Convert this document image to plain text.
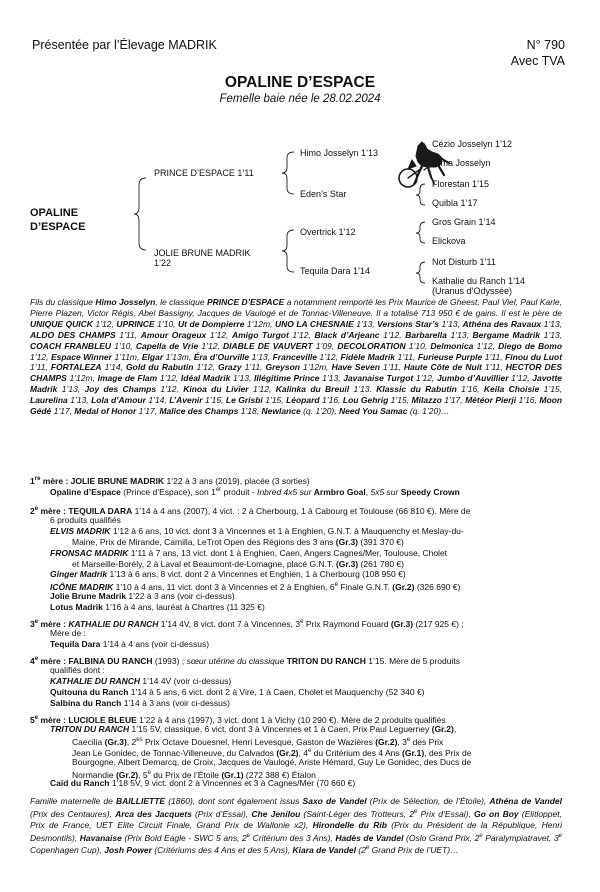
Présentée par l’Élevage MADRIK	N° 790
Avec TVA
OPALINE D’ESPACE
Femelle baie née le 28.02.2024
OPALINE
D’ESPACE
PRINCE D’ESPACE 1’11
JOLIE BRUNE MADRIK
1’22
Himo Josselyn 1’13
Eden’s Star
Overtrick 1’12
Tequila Dara 1’14
Cézio Josselyn 1’12
Cima Josselyn
Florestan 1’15
Quibla 1’17
Gros Grain 1’14
Elickova
Not Disturb 1’11
Kathalie du Ranch 1’14
(Uranus d’Odyssée)
Fils du classique Himo Josselyn, le classique PRINCE D’ESPACE a notamment remporté les Prix Maurice de Gheest, Paul Viel, Paul Karle, Pierre Plazen, Victor Régis, Abel Bassigny, Jacques de Vaulogé et de Tonnac-Villeneuve. Il a totalisé 713 950 € de gains. Il est le père de UNIQUE QUICK 1’12, UPRINCE 1’10, Ut de Dompierre 1’12m, UNO LA CHESNAIE 1’13, Versions Star’s 1’13, Athéna des Ravaux 1’13, ALDO DES CHAMPS 1’11, Amour Orageux 1’12, Amigo Turgot 1’12, Black d’Arjeanc 1’12, Barbarella 1’13, Bergame Madrik 1’13, COACH FRANBLEU 1’10, Capella de Vrie 1’12, DIABLE DE VAUVERT 1’09, DECOLORATION 1’10, Delmonica 1’12, Diego de Bomo 1’12, Espace Winner 1’11m, Elgar 1’13m, Éra d’Ourville 1’13, Franceville 1’12, Fidèle Madrik 1’11, Furieuse Purple 1’11, Finou du Luot 1’11, FORTALEZA 1’14, Gold du Rabutin 1’12, Grazy 1’11, Greyson 1’12m, Have Seven 1’11, Haute Côte de Nuit 1’11, HECTOR DES CHAMPS 1’12m, Image de Flam 1’12, Idéal Madrik 1’13, Illégitime Prince 1’13, Javanaise Turgot 1’12, Jumbo d’Auvillier 1’12, Javotte Madrik 1’13, Joy des Champs 1’12, Kinoa du Livier 1’12, Kalinka du Breuil 1’13. Klassic du Rabutin 1’16, Keila Choisie 1’15, Laurelina 1’13, Lola d’Amour 1’14, L’Avenir 1’15, Le Grisbi 1’15, Léopard 1’16, Lou Gehrig 1’15, Milazzo 1’17, Météor Pierji 1’16, Moon Gédé 1’17, Medal of Honor 1’17, Malice des Champs 1’18, Newlance (q. 1’20), Need You Samac (q. 1’20)…
1re mère : JOLIE BRUNE MADRIK 1’22 à 3 ans (2019), placée (3 sorties)
Opaline d’Espace (Prince d’Espace), son 1er produit - Inbred 4x5 sur Armbro Goal, 5x5 sur Speedy Crown
Famille maternelle de BAILLIETTE (1860), dont sont également issus Saxo de Vandel (Prix de Sélection, de l’Étoile), Athéna de Vandel (Prix des Centaures), Arca des Jacquets (Prix d’Essai), Che Jenilou (Saint-Léger des Trotteurs, 2e Prix d’Essai), Go on Boy (Elitloppet, Prix de France, UET Elite Circuit Finale, Grand Prix de Wallonie x2), Hirondelle du Rib (Prix du Président de la République, Henri Desmontils), Havanaise (Prix Bold Eagle - SWC 5 ans, 2e Critérium des 3 Ans), Hadès de Vandel (Oslo Grand Prix, 2e Paralympiatravet, 3e Copenhagen Cup), Josh Power (Critériums des 4 Ans et des 5 Ans), Kiara de Vandel (2e Grand Prix de l’UET)…
2e mère : TEQUILA DARA 1’14 à 4 ans (2007), 4 vict. : 2 à Cherbourg, 1 à Cabourg et Toulouse (66 810 €). Mère de
6 produits qualifiés
ELVIS MADRIK 1’12 à 6 ans, 10 vict. dont 3 à Vincennes et 1 à Enghien, G.N.T. à Mauquenchy et Meslay-du-
Maine, Prix de Mirande, Camilla, LeTrot Open des Régions des 3 ans (Gr.3) (391 370 €)
FRONSAC MADRIK 1’11 à 7 ans, 13 vict. dont 1 à Enghien, Caen, Angers Cagnes/Mer, Toulouse, Cholet
et Marseille-Borély, 2 à Laval et Beaumont-de-Lomagne, placé G.N.T. (Gr.3) (261 780 €)
Ginger Madrik 1’13 à 6 ans, 8 vict. dont 2 à Vincennes et Enghien, 1 à Cherbourg (108 950 €)
ICÔNE MADRIK 1’10 à 4 ans, 11 vict. dont 3 à Vincennes et 2 à Enghien, 6e Finale G.N.T. (Gr.2) (326 690 €)
Jolie Brune Madrik 1’22 à 3 ans (voir ci-dessus)
Lotus Madrik 1’16 à 4 ans, lauréat à Chartres (11 325 €)
3e mère : KATHALIE DU RANCH 1’14 4V, 8 vict. dont 7 à Vincennes, 3e Prix Raymond Fouard (Gr.3) (217 925 €) ;
Mère de :
Tequila Dara 1’14 à 4 ans (voir ci-dessus)
4e mère : FALBINA DU RANCH (1993) ; sœur utérine du classique TRITON DU RANCH 1’15. Mère de 5 produits
qualifiés dont :
KATHALIE DU RANCH 1’14 4V (voir ci-dessus)
Quitouna du Ranch 1’14 à 5 ans, 6 vict. dont 2 à Vire, 1 à Caen, Cholet et Mauquenchy (52 340 €)
Salbina du Ranch 1’14 à 3 ans (voir ci-dessus)
5e mère : LUCIOLE BLEUE 1’22 à 4 ans (1997), 3 vict. dont 1 à Vichy (10 290 €). Mère de 2 produits qualifiés
TRITON DU RANCH 1’15 5V, classique, 6 vict. dont 3 à Vincennes et 1 à Caen, Prix Paul Leguerney (Gr.2),
Caecilia (Gr.3), $2^{es}$ Prix Octave Douesnel, Henri Levesque, Gaston de Wazières (Gr.2), 3e des Prix
Jean Le Gonidec, de Tonnac-Villeneuve, du Calvados (Gr.2), 4e du Critérium des 4 Ans (Gr.1), des Prix de
Bourgogne, Albert Demarcq, de Croix, Jacques de Vaulogé, Ariste Hémard, Guy Le Gonidec, des Ducs de
Normandie (Gr.2), 5e du Prix de l’Étoile (Gr.1) (272 388 €) Étalon
Caïd du Ranch 1’18 5V, 9 vict. dont 2 à Vincennes et 3 à Cagnes/Mer (70 660 €)
